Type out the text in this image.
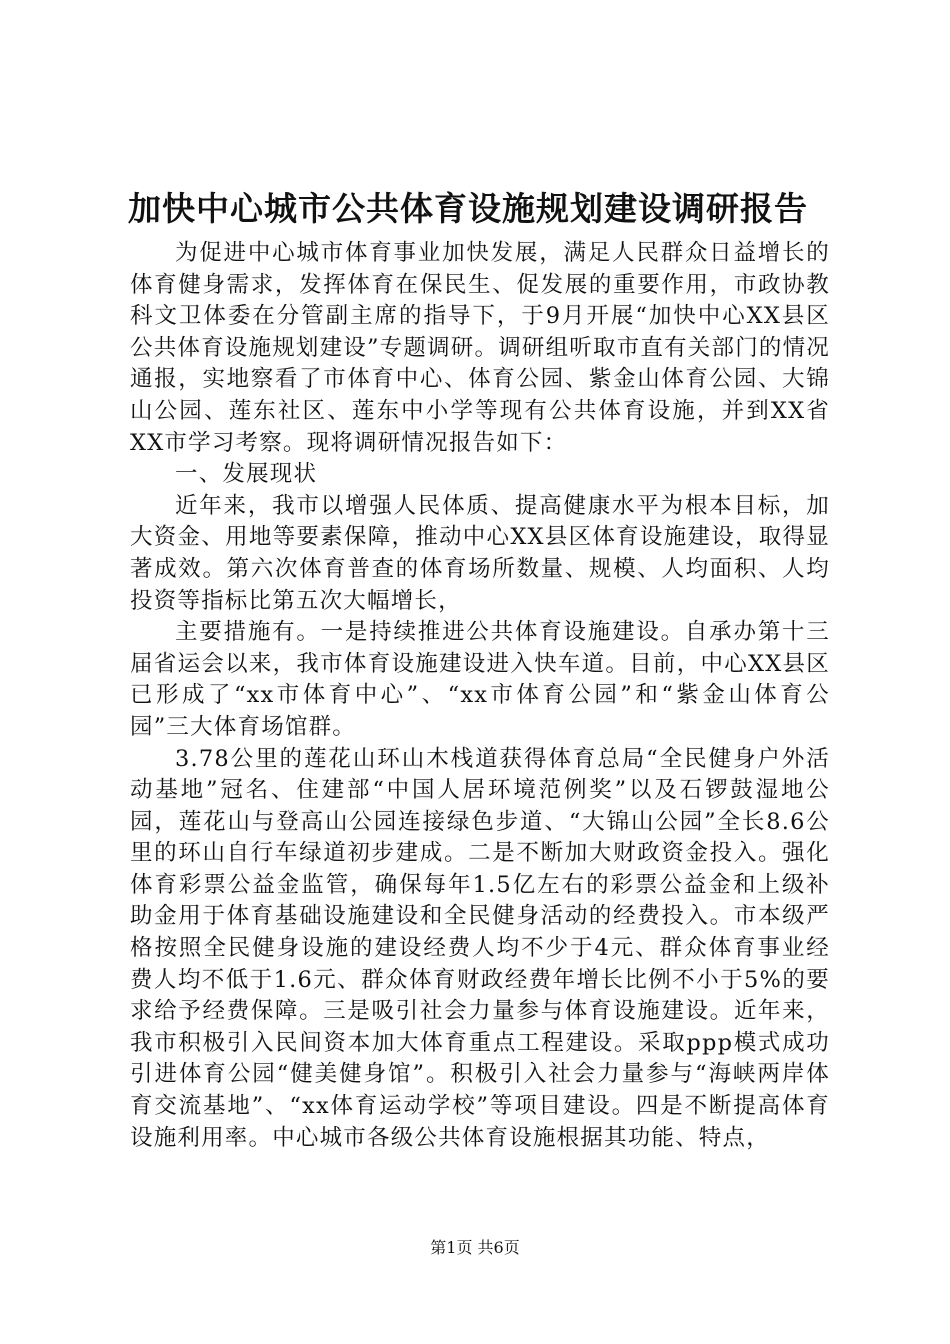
加快中心城市公共体育设施规划建设调研报告

为促进中心城市体育事业加快发展，满足人民群众日益增长的体育健身需求，发挥体育在保民生、促发展的重要作用，市政协教科文卫体委在分管副主席的指导下，于9月开展“加快中心XX县区公共体育设施规划建设”专题调研。调研组听取市直有关部门的情况通报，实地察看了市体育中心、体育公园、紫金山体育公园、大锦山公园、莲东社区、莲东中小学等现有公共体育设施，并到XX省XX市学习考察。现将调研情况报告如下：

一、发展现状

近年来，我市以增强人民体质、提高健康水平为根本目标，加大资金、用地等要素保障，推动中心XX县区体育设施建设，取得显著成效。第六次体育普查的体育场所数量、规模、人均面积、人均投资等指标比第五次大幅增长，

主要措施有。一是持续推进公共体育设施建设。自承办第十三届省运会以来，我市体育设施建设进入快车道。目前，中心XX县区已形成了“xx市体育中心”、“xx市体育公园”和“紫金山体育公园”三大体育场馆群。

3.78公里的莲花山环山木栈道获得体育总局“全民健身户外活动基地”冠名、住建部“中国人居环境范例奖”以及石锣鼓湿地公园，莲花山与登高山公园连接绿色步道、“大锦山公园”全长8.6公里的环山自行车绿道初步建成。二是不断加大财政资金投入。强化体育彩票公益金监管，确保每年1.5亿左右的彩票公益金和上级补助金用于体育基础设施建设和全民健身活动的经费投入。市本级严格按照全民健身设施的建设经费人均不少于4元、群众体育事业经费人均不低于1.6元、群众体育财政经费年增长比例不小于5%的要求给予经费保障。三是吸引社会力量参与体育设施建设。近年来，我市积极引入民间资本加大体育重点工程建设。采取ppp模式成功引进体育公园“健美健身馆”。积极引入社会力量参与“海峡两岸体育交流基地”、“xx体育运动学校”等项目建设。四是不断提高体育设施利用率。中心城市各级公共体育设施根据其功能、特点，

第1页 共6页
